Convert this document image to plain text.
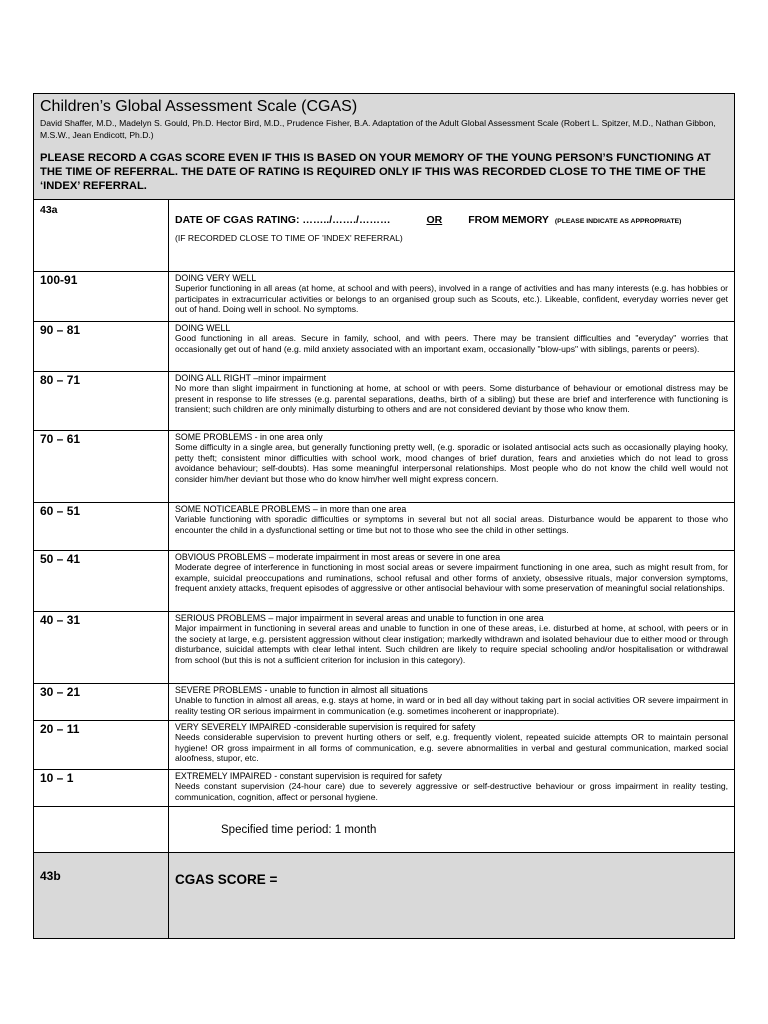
Children’s Global Assessment Scale (CGAS)
David Shaffer, M.D., Madelyn S. Gould, Ph.D. Hector Bird, M.D., Prudence Fisher, B.A. Adaptation of the Adult Global Assessment Scale (Robert L. Spitzer, M.D., Nathan Gibbon, M.S.W., Jean Endicott, Ph.D.)
PLEASE RECORD A CGAS SCORE EVEN IF THIS IS BASED ON YOUR MEMORY OF THE YOUNG PERSON’S FUNCTIONING AT THE TIME OF REFERRAL. THE DATE OF RATING IS REQUIRED ONLY IF THIS WAS RECORDED CLOSE TO THE TIME OF THE ‘INDEX’ REFERRAL.	

43a	DATE OF CGAS RATING: ……../……./……… OR FROM MEMORY (PLEASE INDICATE AS APPROPRIATE)
(IF RECORDED CLOSE TO TIME OF 'INDEX' REFERRAL)

100-91	DOING VERY WELL
Superior functioning in all areas (at home, at school and with peers), involved in a range of activities and has many interests (e.g. has hobbies or participates in extracurricular activities or belongs to an organised group such as Scouts, etc.). Likeable, confident, everyday worries never get out of hand. Doing well in school. No symptoms.
90 – 81	DOING WELL
Good functioning in all areas. Secure in family, school, and with peers. There may be transient difficulties and "everyday" worries that occasionally get out of hand (e.g. mild anxiety associated with an important exam, occasionally "blow-ups" with siblings, parents or peers).
80 – 71	DOING ALL RIGHT –minor impairment
No more than slight impairment in functioning at home, at school or with peers. Some disturbance of behaviour or emotional distress may be present in response to life stresses (e.g. parental separations, deaths, birth of a sibling) but these are brief and interference with functioning is transient; such children are only minimally disturbing to others and are not considered deviant by those who know them.
70 – 61	SOME PROBLEMS - in one area only
Some difficulty in a single area, but generally functioning pretty well, (e.g. sporadic or isolated antisocial acts such as occasionally playing hooky, petty theft; consistent minor difficulties with school work, mood changes of brief duration, fears and anxieties which do not lead to gross avoidance behaviour; self-doubts). Has some meaningful interpersonal relationships. Most people who do not know the child well would not consider him/her deviant but those who do know him/her well might express concern.
60 – 51	SOME NOTICEABLE PROBLEMS – in more than one area
Variable functioning with sporadic difficulties or symptoms in several but not all social areas. Disturbance would be apparent to those who encounter the child in a dysfunctional setting or time but not to those who see the child in other settings.
50 – 41	OBVIOUS PROBLEMS – moderate impairment in most areas or severe in one area
Moderate degree of interference in functioning in most social areas or severe impairment functioning in one area, such as might result from, for example, suicidal preoccupations and ruminations, school refusal and other forms of anxiety, obsessive rituals, major conversion symptoms, frequent anxiety attacks, frequent episodes of aggressive or other antisocial behaviour with some preservation of meaningful social relationships.
40 – 31	SERIOUS PROBLEMS – major impairment in several areas and unable to function in one area
Major impairment in functioning in several areas and unable to function in one of these areas, i.e. disturbed at home, at school, with peers or in the society at large, e.g. persistent aggression without clear instigation; markedly withdrawn and isolated behaviour due to either mood or through disturbance, suicidal attempts with clear lethal intent. Such children are likely to require special schooling and/or hospitalisation or withdrawal from school (but this is not a sufficient criterion for inclusion in this category).
30 – 21	SEVERE PROBLEMS - unable to function in almost all situations
Unable to function in almost all areas, e.g. stays at home, in ward or in bed all day without taking part in social activities OR severe impairment in reality testing OR serious impairment in communication (e.g. sometimes incoherent or inappropriate).
20 – 11	VERY SEVERELY IMPAIRED -considerable supervision is required for safety
Needs considerable supervision to prevent hurting others or self, e.g. frequently violent, repeated suicide attempts OR to maintain personal hygiene! OR gross impairment in all forms of communication, e.g. severe abnormalities in verbal and gestural communication, marked social aloofness, stupor, etc.
10 – 1	EXTREMELY IMPAIRED - constant supervision is required for safety
Needs constant supervision (24-hour care) due to severely aggressive or self-destructive behaviour or gross impairment in reality testing, communication, cognition, affect or personal hygiene.

	Specified time period: 1 month

43b	CGAS SCORE =
